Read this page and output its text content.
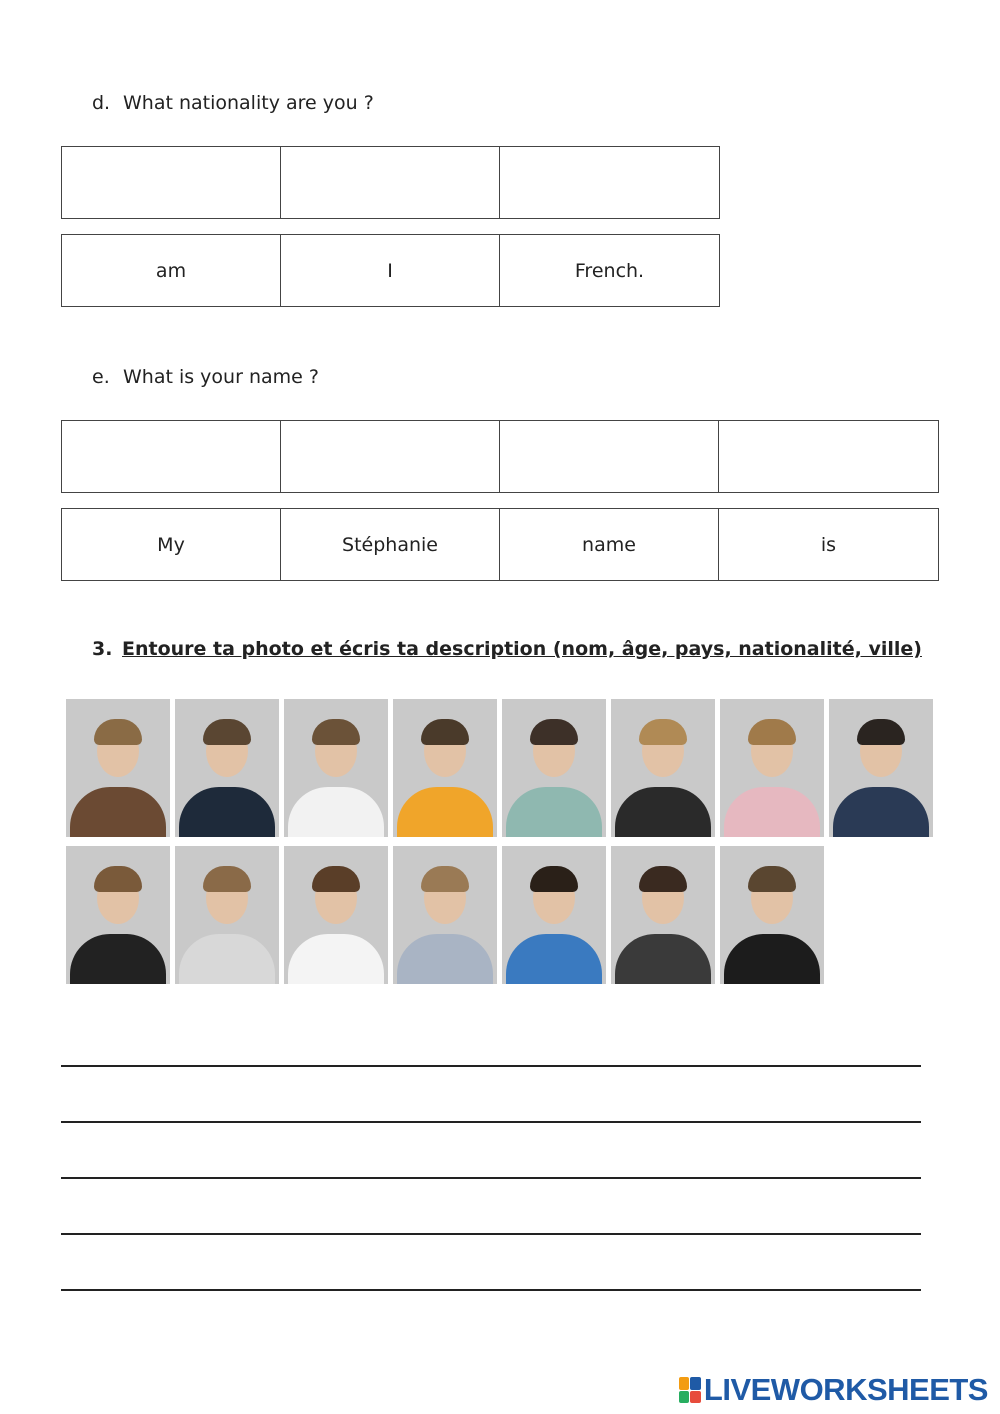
d. What nationality are you ?
am	I	French.
e. What is your name ?
My	Stéphanie	name	is
3. Entoure ta photo et écris ta description (nom, âge, pays, nationalité, ville)
LIVEWORKSHEETS
